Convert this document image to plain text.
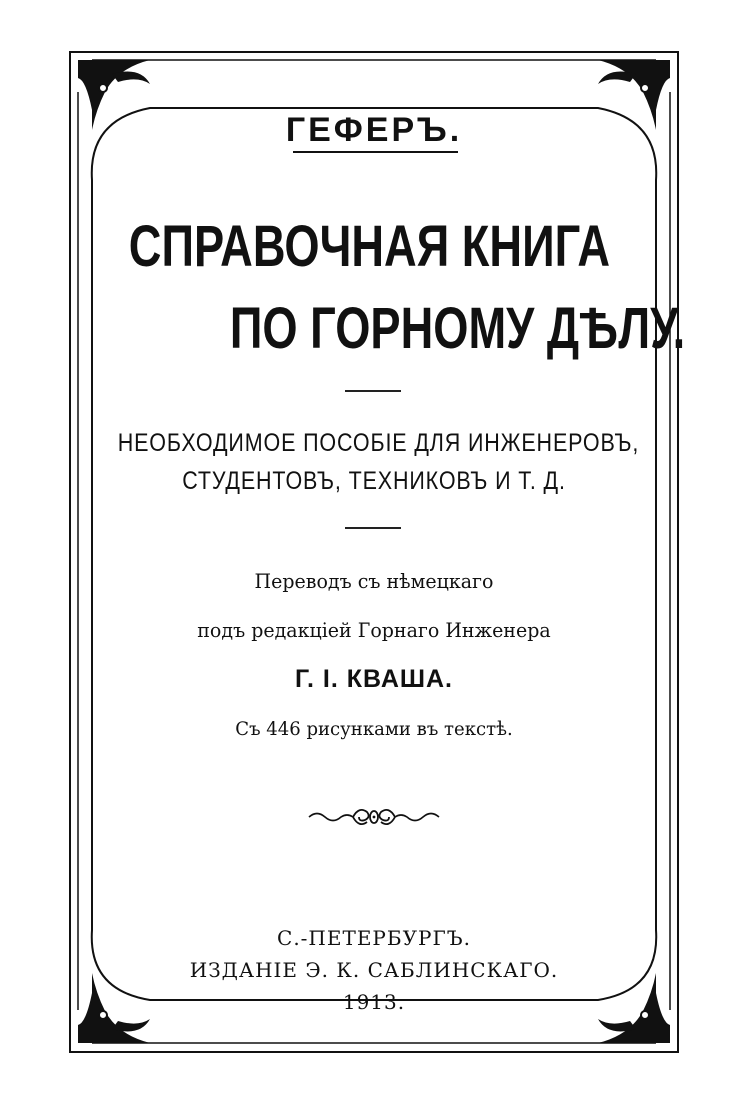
ГЕФЕРЪ.
СПРАВОЧНАЯ КНИГА
ПО ГОРНОМУ ДѢЛУ.
НЕОБХОДИМОЕ ПОСОБІЕ ДЛЯ ИНЖЕНЕРОВЪ,
СТУДЕНТОВЪ, ТЕХНИКОВЪ И Т. Д.
Переводъ съ нѣмецкаго
подъ редакціей Горнаго Инженера
Г. І. КВАША.
Съ 446 рисунками въ текстѣ.
С.-ПЕТЕРБУРГЪ.
ИЗДАНІЕ Э. К. САБЛИНСКАГО.
1913.
